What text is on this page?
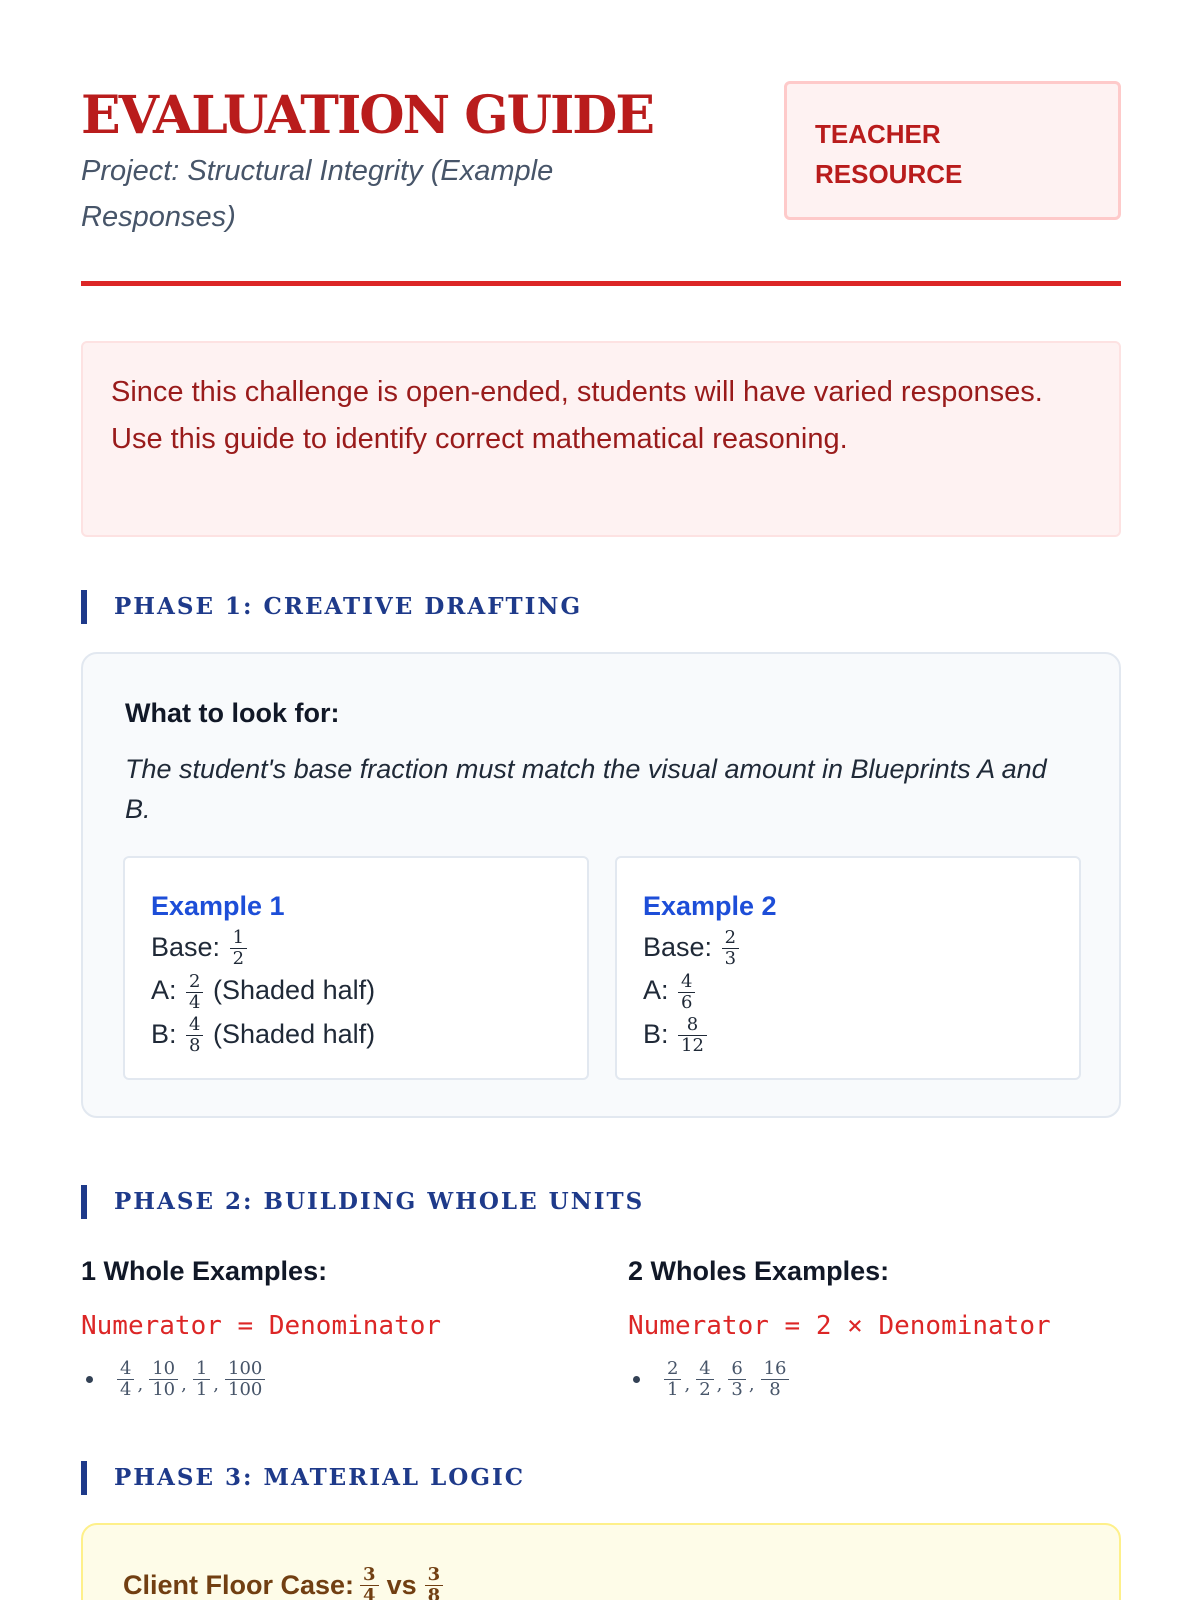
EVALUATION GUIDE
Project: Structural Integrity (Example Responses)
TEACHER RESOURCE

Since this challenge is open-ended, students will have varied responses. Use this guide to identify correct mathematical reasoning.

PHASE 1: CREATIVE DRAFTING
What to look for:
The student's base fraction must match the visual amount in Blueprints A and B.
Example 1
Base: $\frac{1}{2}$
A: $\frac{2}{4}$ (Shaded half)
B: $\frac{4}{8}$ (Shaded half)
Example 2
Base: $\frac{2}{3}$
A: $\frac{4}{6}$
B: $\frac{8}{12}$
PHASE 2: BUILDING WHOLE UNITS
1 Whole Examples:
Numerator = Denominator
$\frac{4}{4}$ , $\frac{10}{10}$ , $\frac{1}{1}$ , $\frac{100}{100}$
2 Wholes Examples:
Numerator = 2 × Denominator
$\frac{2}{1}$ , $\frac{4}{2}$ , $\frac{6}{3}$ , $\frac{16}{8}$
PHASE 3: MATERIAL LOGIC
Client Floor Case: $\frac{3}{4}$ vs $\frac{3}{8}$
